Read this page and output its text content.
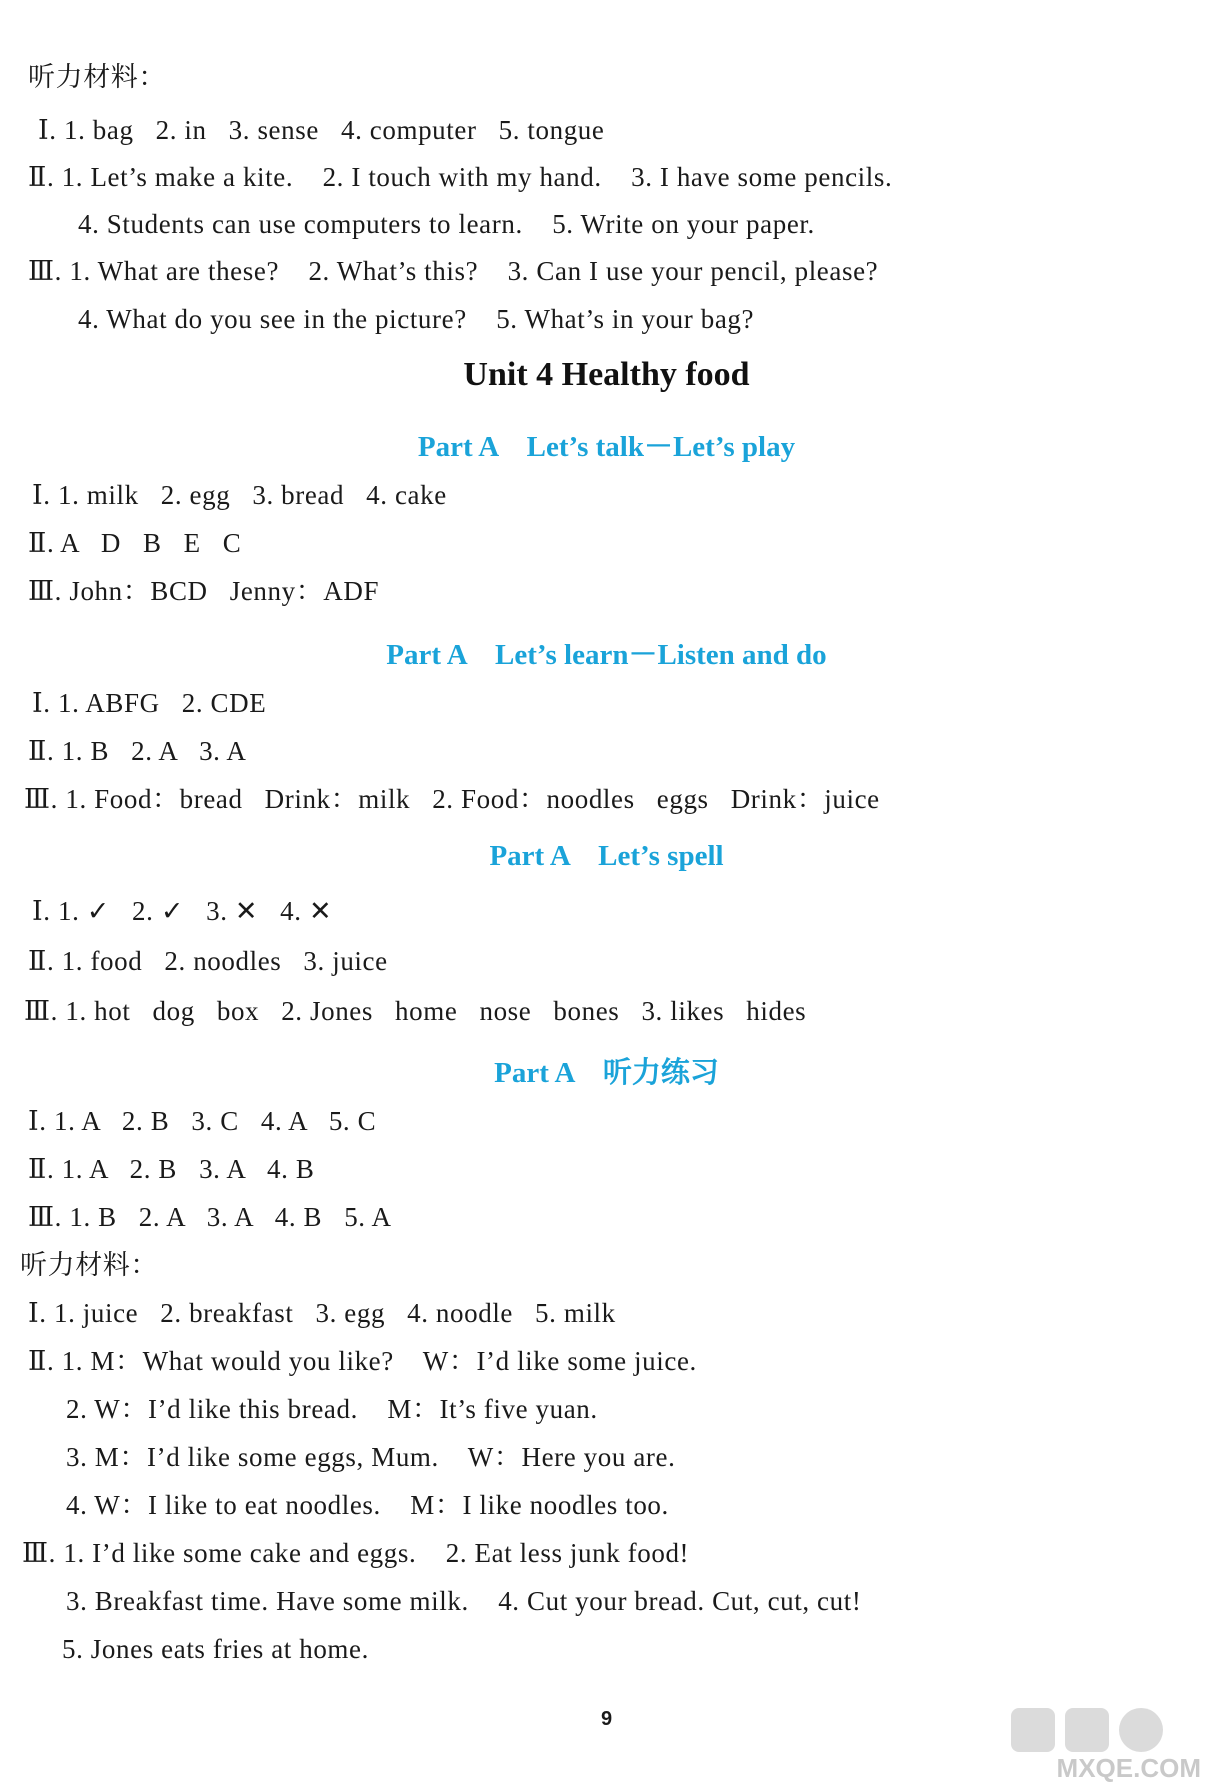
听力材料：
Ⅰ. 1. bag   2. in   3. sense   4. computer   5. tongue
Ⅱ. 1. Let’s make a kite.    2. I touch with my hand.    3. I have some pencils.
4. Students can use computers to learn.    5. Write on your paper.
Ⅲ. 1. What are these?    2. What’s this?    3. Can I use your pencil, please?
4. What do you see in the picture?    5. What’s in your bag?
Unit 4 Healthy food
Part A    Let’s talk－Let’s play
Ⅰ. 1. milk   2. egg   3. bread   4. cake
Ⅱ. A   D   B   E   C
Ⅲ. John：BCD   Jenny：ADF
Part A    Let’s learn－Listen and do
Ⅰ. 1. ABFG   2. CDE
Ⅱ. 1. B   2. A   3. A
Ⅲ. 1. Food：bread   Drink：milk   2. Food：noodles   eggs   Drink：juice
Part A    Let’s spell
Ⅰ. 1. ✓   2. ✓   3. ✕   4. ✕
Ⅱ. 1. food   2. noodles   3. juice
Ⅲ. 1. hot   dog   box   2. Jones   home   nose   bones   3. likes   hides
Part A    听力练习
Ⅰ. 1. A   2. B   3. C   4. A   5. C
Ⅱ. 1. A   2. B   3. A   4. B
Ⅲ. 1. B   2. A   3. A   4. B   5. A
听力材料：
Ⅰ. 1. juice   2. breakfast   3. egg   4. noodle   5. milk
Ⅱ. 1. M：What would you like?    W：I’d like some juice.
2. W：I’d like this bread.    M：It’s five yuan.
3. M：I’d like some eggs, Mum.    W：Here you are.
4. W：I like to eat noodles.    M：I like noodles too.
Ⅲ. 1. I’d like some cake and eggs.    2. Eat less junk food!
3. Breakfast time. Have some milk.    4. Cut your bread. Cut, cut, cut!
5. Jones eats fries at home.
9
MXQE.COM
